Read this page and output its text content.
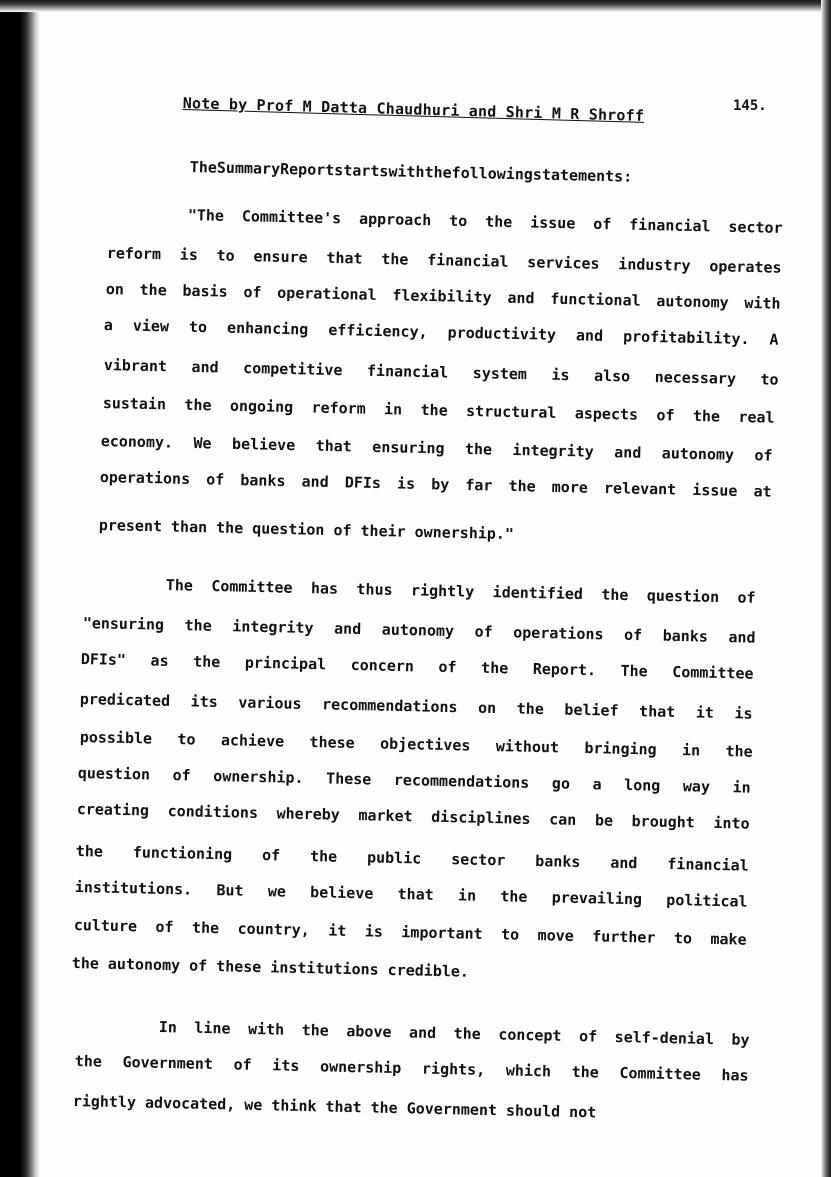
Note by Prof M Datta Chaudhuri and Shri M R Shroff	145.
The Summary Report starts with the following statements:
"The Committee's approach to the issue of financial sector
reform is to ensure that the financial services industry operates
on the basis of operational flexibility and functional autonomy with
a view to enhancing efficiency, productivity and profitability. A
vibrant and competitive financial system is also necessary to
sustain the ongoing reform in the structural aspects of the real
economy. We believe that ensuring the integrity and autonomy of
operations of banks and DFIs is by far the more relevant issue at
present than the question of their ownership."
The Committee has thus rightly identified the question of
"ensuring the integrity and autonomy of operations of banks and
DFIs" as the principal concern of the Report. The Committee
predicated its various recommendations on the belief that it is
possible to achieve these objectives without bringing in the
question of ownership. These recommendations go a long way in
creating conditions whereby market disciplines can be brought into
the functioning of the public sector banks and financial
institutions. But we believe that in the prevailing political
culture of the country, it is important to move further to make
the autonomy of these institutions credible.
In line with the above and the concept of self-denial by
the Government of its ownership rights, which the Committee has
rightly advocated, we think that the Government should not
